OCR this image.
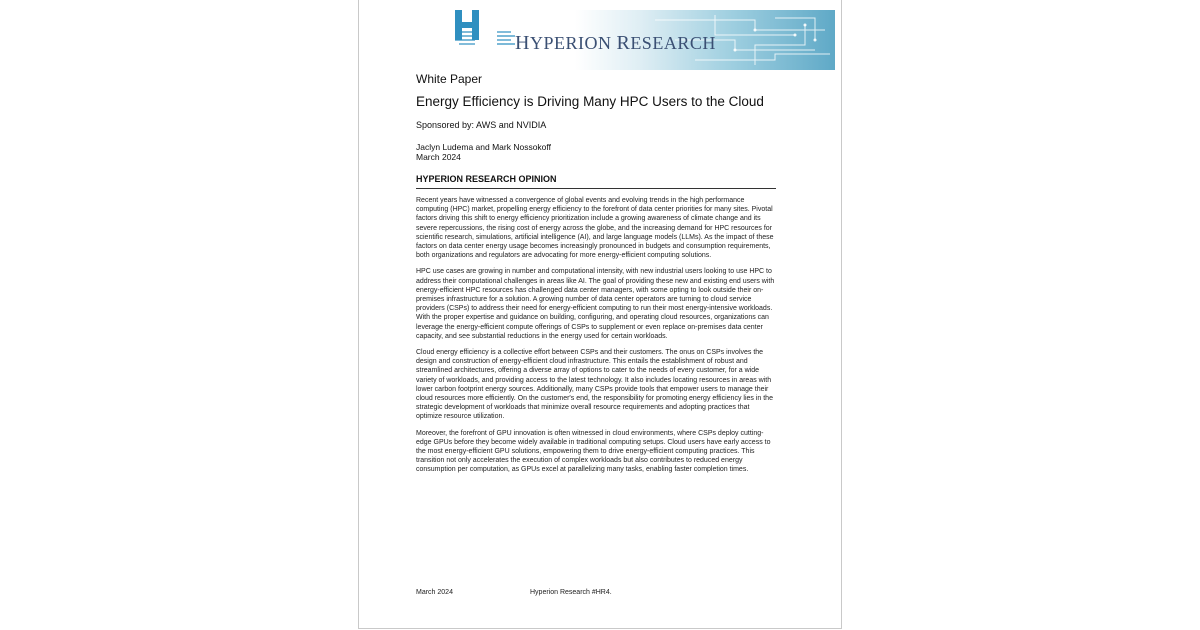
HYPERION RESEARCH
White Paper
Energy Efficiency is Driving Many HPC Users to the Cloud
Sponsored by: AWS and NVIDIA
Jaclyn Ludema and Mark Nossokoff
March 2024
HYPERION RESEARCH OPINION

Recent years have witnessed a convergence of global events and evolving trends in the high performance computing (HPC) market, propelling energy efficiency to the forefront of data center priorities for many sites. Pivotal factors driving this shift to energy efficiency prioritization include a growing awareness of climate change and its severe repercussions, the rising cost of energy across the globe, and the increasing demand for HPC resources for scientific research, simulations, artificial intelligence (AI), and large language models (LLMs). As the impact of these factors on data center energy usage becomes increasingly pronounced in budgets and consumption requirements, both organizations and regulators are advocating for more energy-efficient computing solutions.

HPC use cases are growing in number and computational intensity, with new industrial users looking to use HPC to address their computational challenges in areas like AI. The goal of providing these new and existing end users with energy-efficient HPC resources has challenged data center managers, with some opting to look outside their on-premises infrastructure for a solution. A growing number of data center operators are turning to cloud service providers (CSPs) to address their need for energy-efficient computing to run their most energy-intensive workloads. With the proper expertise and guidance on building, configuring, and operating cloud resources, organizations can leverage the energy-efficient compute offerings of CSPs to supplement or even replace on-premises data center capacity, and see substantial reductions in the energy used for certain workloads.

Cloud energy efficiency is a collective effort between CSPs and their customers. The onus on CSPs involves the design and construction of energy-efficient cloud infrastructure. This entails the establishment of robust and streamlined architectures, offering a diverse array of options to cater to the needs of every customer, for a wide variety of workloads, and providing access to the latest technology. It also includes locating resources in areas with lower carbon footprint energy sources. Additionally, many CSPs provide tools that empower users to manage their cloud resources more efficiently. On the customer's end, the responsibility for promoting energy efficiency lies in the strategic development of workloads that minimize overall resource requirements and adopting practices that optimize resource utilization.

Moreover, the forefront of GPU innovation is often witnessed in cloud environments, where CSPs deploy cutting-edge GPUs before they become widely available in traditional computing setups. Cloud users have early access to the most energy-efficient GPU solutions, empowering them to drive energy-efficient computing practices. This transition not only accelerates the execution of complex workloads but also contributes to reduced energy consumption per computation, as GPUs excel at parallelizing many tasks, enabling faster completion times.

March 2024	Hyperion Research #HR4.
